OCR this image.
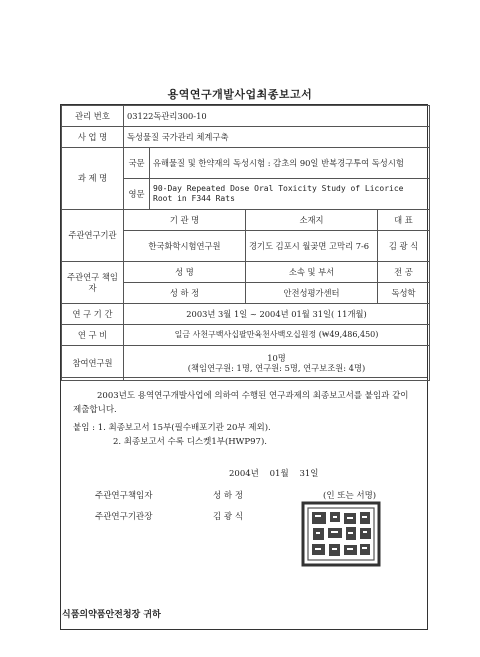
용역연구개발사업최종보고서
관리 번호	03122독관리300-10			
사 업 명	독성물질 국가관리 체계구축			
과 제 명	국문	유해물질 및 한약재의 독성시험 : 감초의 90일 반복경구투여 독성시험		
	영문	90-Day Repeated Dose Oral Toxicity Study of Licorice Root in F344 Rats		
주관연구기관	기 관 명		소재지	대 표
	한국화학시험연구원		경기도 김포시 월곶면 고막리 7-6	김 광 식
주관연구 책임자	성 명		소속 및 부서	전 공
	성 하 정		안전성평가센터	독성학
연 구 기 간	2003년 3월 1일 ~ 2004년 01월 31일( 11개월)			
연 구 비	일금 사천구백사십팔만육천사백오십원정 (₩49,486,450)			
참여연구원	10명
(책임연구원: 1명, 연구원: 5명, 연구보조원: 4명)			
2003년도 용역연구개발사업에 의하여 수행된 연구과제의 최종보고서를 붙임과 같이 제출합니다.
붙임 : 1. 최종보고서 15부(필수배포기관 20부 제외).
2. 최종보고서 수록 디스켓1부(HWP97).
2004년    01월    31일
주관연구책임자	성 하 정	(인 또는 서명)
주관연구기관장	김 광 식
식품의약품안전청장 귀하
